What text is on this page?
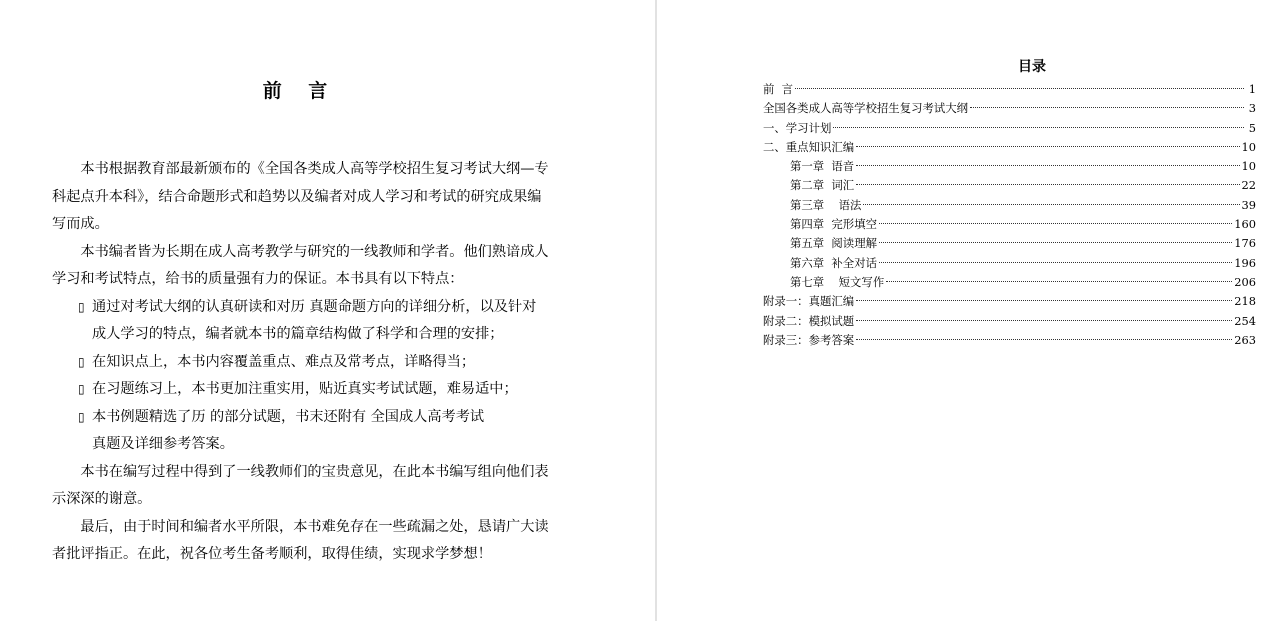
前 言

本书根据教育部最新颁布的《全国各类成人高等学校招生复习考试大纲—专科起点升本科》，结合命题形式和趋势以及编者对成人学习和考试的研究成果编写而成。

本书编者皆为长期在成人高考教学与研究的一线教师和学者。他们熟谙成人学习和考试特点，给书的质量强有力的保证。本书具有以下特点：

▯ 通过对考试大纲的认真研读和对历 真题命题方向的详细分析，以及针对

成人学习的特点，编者就本书的篇章结构做了科学和合理的安排；

▯ 在知识点上，本书内容覆盖重点、难点及常考点，详略得当；

▯ 在习题练习上，本书更加注重实用，贴近真实考试试题，难易适中；

▯ 本书例题精选了历 的部分试题，书末还附有 全国成人高考考试

真题及详细参考答案。

本书在编写过程中得到了一线教师们的宝贵意见，在此本书编写组向他们表示深深的谢意。

最后，由于时间和编者水平所限，本书难免存在一些疏漏之处，恳请广大读者批评指正。在此，祝各位考生备考顺利，取得佳绩，实现求学梦想！

目录
前  言	1
全国各类成人高等学校招生复习考试大纲	3
一、学习计划	5
二、重点知识汇编	10
第一章  语音	10
第二章  词汇	22
第三章    语法	39
第四章  完形填空	160
第五章  阅读理解	176
第六章  补全对话	196
第七章    短文写作	206
附录一：真题汇编	218
附录二：模拟试题	254
附录三：参考答案	263
